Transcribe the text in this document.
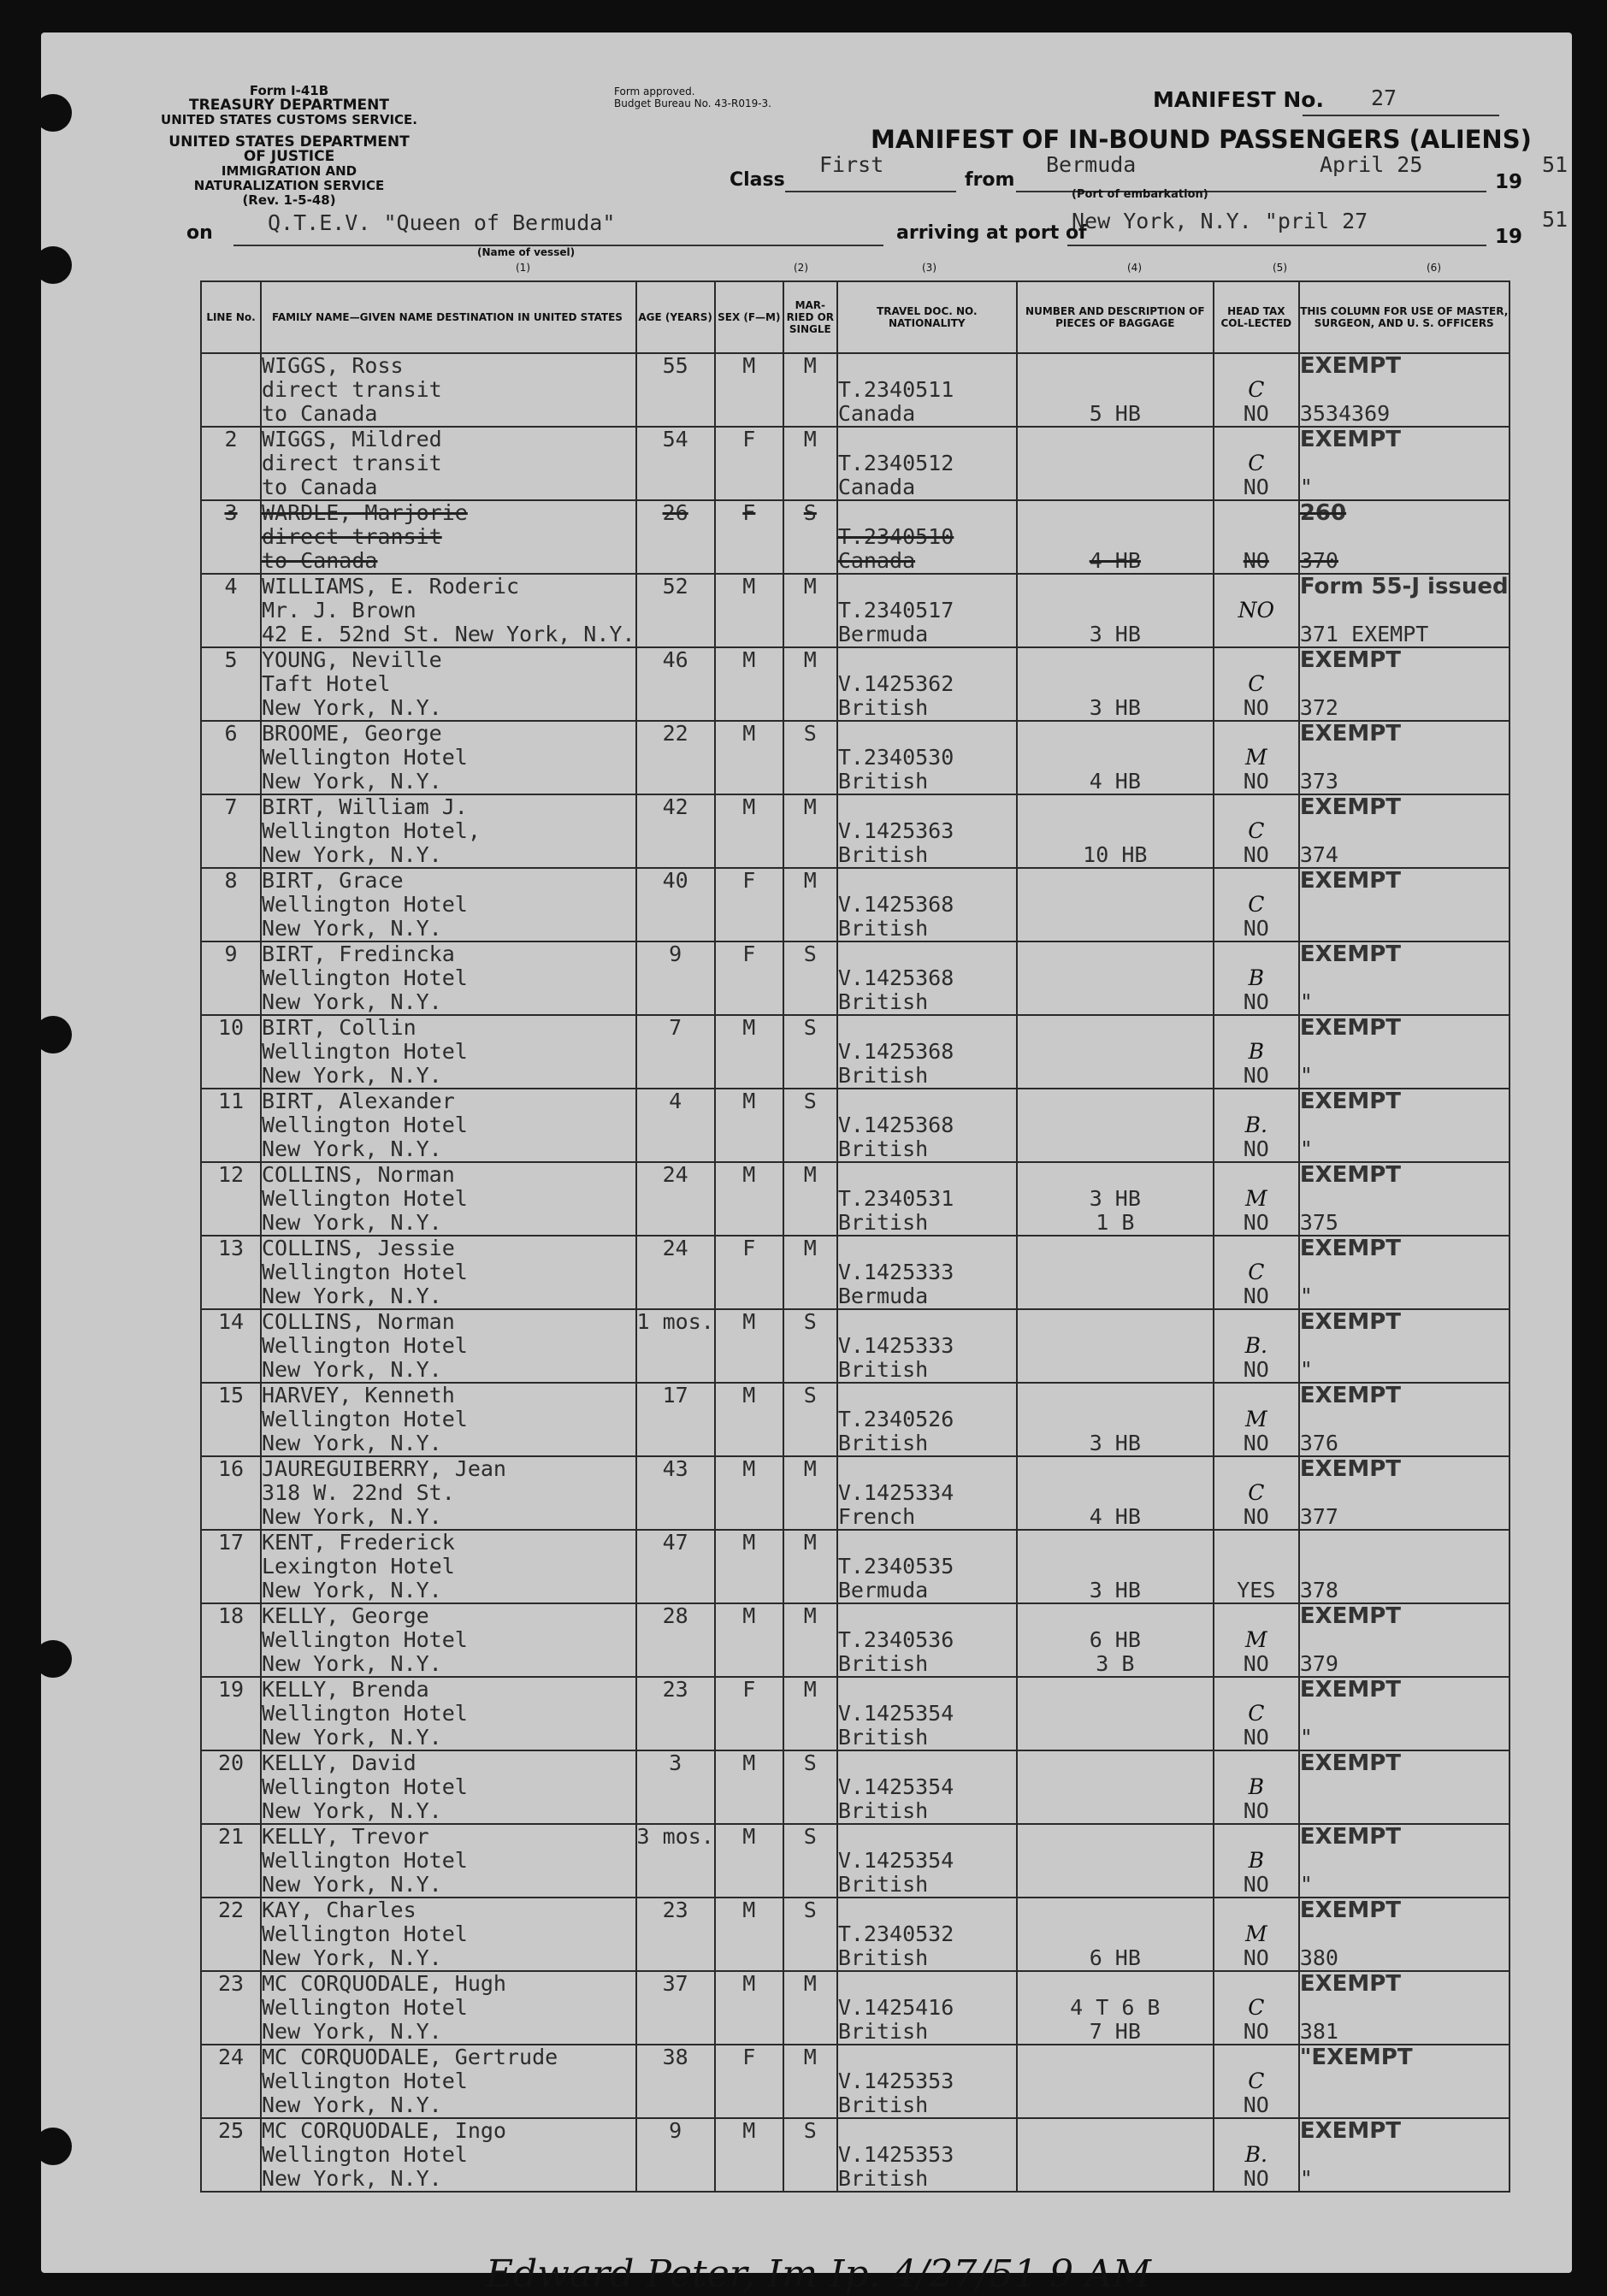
Form I-41B
TREASURY DEPARTMENT
UNITED STATES CUSTOMS SERVICE.
UNITED STATES DEPARTMENT OF JUSTICE
IMMIGRATION AND NATURALIZATION SERVICE
(Rev. 1-5-48)
Form approved.
Budget Bureau No. 43-R019-3.	MANIFEST No. 27
MANIFEST OF IN-BOUND PASSENGERS (ALIENS)
Class
First
from
Bermuda	April 25
(Port of embarkation)
19
51
on	Q.T.E.V. "Queen of Bermuda"
(Name of vessel)
arriving at port of
New York, N.Y. "pril 27
19
51
(1)	(2)	(3)	(4)	(5)	(6)
LINE No.	FAMILY NAME—GIVEN NAME DESTINATION IN UNITED STATES	AGE (YEARS)	SEX (F—M)	MAR-RIED OR SINGLE	TRAVEL DOC. NO. NATIONALITY	NUMBER AND DESCRIPTION OF PIECES OF BAGGAGE	HEAD TAX COL-LECTED	THIS COLUMN FOR USE OF MASTER, SURGEON, AND U. S. OFFICERS

	WIGGS, Ross
direct transit
to Canada	55	M	M	T.2340511
Canada	5 HB	C
NO	EXEMPT
3534369

2	WIGGS, Mildred
direct transit
to Canada	54	F	M	T.2340512
Canada		C
NO	EXEMPT
"

3	WARDLE, Marjorie
direct transit
to Canada	26	F	S	T.2340510
Canada	4 HB	NO	260
370

4	WILLIAMS, E. Roderic
Mr. J. Brown
42 E. 52nd St. New York, N.Y.	52	M	M	T.2340517
Bermuda	3 HB	NO	Form 55-J issued
371 EXEMPT

5	YOUNG, Neville
Taft Hotel
New York, N.Y.	46	M	M	V.1425362
British	3 HB	C
NO	EXEMPT
372

6	BROOME, George
Wellington Hotel
New York, N.Y.	22	M	S	T.2340530
British	4 HB	M
NO	EXEMPT
373

7	BIRT, William J.
Wellington Hotel,
New York, N.Y.	42	M	M	V.1425363
British	10 HB	C
NO	EXEMPT
374

8	BIRT, Grace
Wellington Hotel
New York, N.Y.	40	F	M	V.1425368
British		C
NO	EXEMPT

9	BIRT, Fredincka
Wellington Hotel
New York, N.Y.	9	F	S	V.1425368
British		B
NO	EXEMPT
"

10	BIRT, Collin
Wellington Hotel
New York, N.Y.	7	M	S	V.1425368
British		B
NO	EXEMPT
"

11	BIRT, Alexander
Wellington Hotel
New York, N.Y.	4	M	S	V.1425368
British		B.
NO	EXEMPT
"

12	COLLINS, Norman
Wellington Hotel
New York, N.Y.	24	M	M	T.2340531
British	3 HB
1 B	M
NO	EXEMPT
375

13	COLLINS, Jessie
Wellington Hotel
New York, N.Y.	24	F	M	V.1425333
Bermuda		C
NO	EXEMPT
"

14	COLLINS, Norman
Wellington Hotel
New York, N.Y.	1 mos.	M	S	V.1425333
British		B.
NO	EXEMPT
"

15	HARVEY, Kenneth
Wellington Hotel
New York, N.Y.	17	M	S	T.2340526
British	3 HB	M
NO	EXEMPT
376

16	JAUREGUIBERRY, Jean
318 W. 22nd St.
New York, N.Y.	43	M	M	V.1425334
French	4 HB	C
NO	EXEMPT
377

17	KENT, Frederick
Lexington Hotel
New York, N.Y.	47	M	M	T.2340535
Bermuda	3 HB	YES	378

18	KELLY, George
Wellington Hotel
New York, N.Y.	28	M	M	T.2340536
British	6 HB
3 B	M
NO	EXEMPT
379

19	KELLY, Brenda
Wellington Hotel
New York, N.Y.	23	F	M	V.1425354
British		C
NO	EXEMPT
"

20	KELLY, David
Wellington Hotel
New York, N.Y.	3	M	S	V.1425354
British		B
NO	EXEMPT

21	KELLY, Trevor
Wellington Hotel
New York, N.Y.	3 mos.	M	S	V.1425354
British		B
NO	EXEMPT
"

22	KAY, Charles
Wellington Hotel
New York, N.Y.	23	M	S	T.2340532
British	6 HB	M
NO	EXEMPT
380

23	MC CORQUODALE, Hugh
Wellington Hotel
New York, N.Y.	37	M	M	V.1425416
British	4 T 6 B
7 HB	C
NO	EXEMPT
381

24	MC CORQUODALE, Gertrude
Wellington Hotel
New York, N.Y.	38	F	M	V.1425353
British		C
NO	"EXEMPT

25	MC CORQUODALE, Ingo
Wellington Hotel
New York, N.Y.	9	M	S	V.1425353
British		B.
NO	EXEMPT
"
Edward Peter, Im Ip. 4/27/51 9 AM
